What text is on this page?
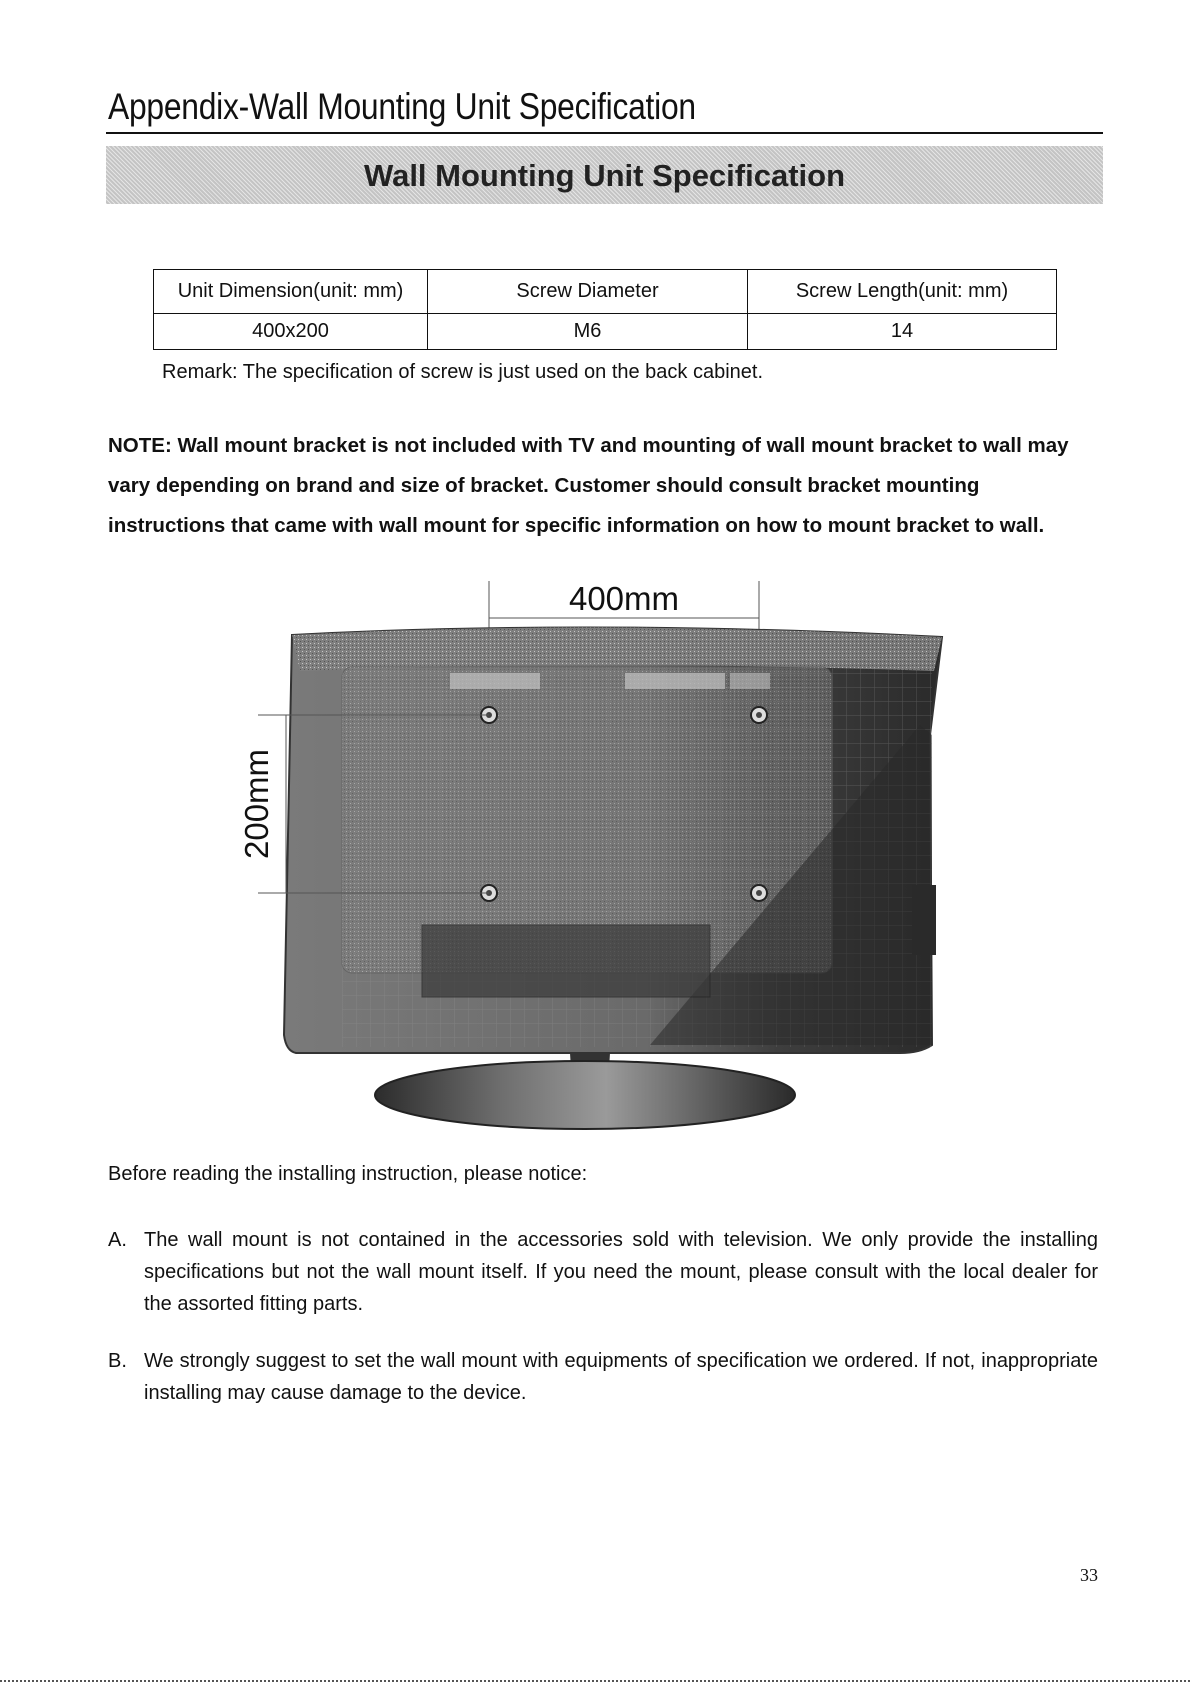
Appendix-Wall Mounting Unit Specification
Wall Mounting Unit Specification
Unit Dimension(unit: mm)	Screw Diameter	Screw Length(unit: mm)
400x200	M6	14
Remark: The specification of screw is just used on the back cabinet.

NOTE: Wall mount bracket is not included with TV and mounting of wall mount bracket to wall may

vary depending on brand and size of bracket. Customer should consult bracket mounting

instructions that came with wall mount for specific information on how to mount bracket to wall.

400mm
200mm
Before reading the installing instruction, please notice:
A. The wall mount is not contained in the accessories sold with television. We only provide the installing specifications but not the wall mount itself. If you need the mount, please consult with the local dealer for the assorted fitting parts.
B. We strongly suggest to set the wall mount with equipments of specification we ordered. If not, inappropriate installing may cause damage to the device.
33
